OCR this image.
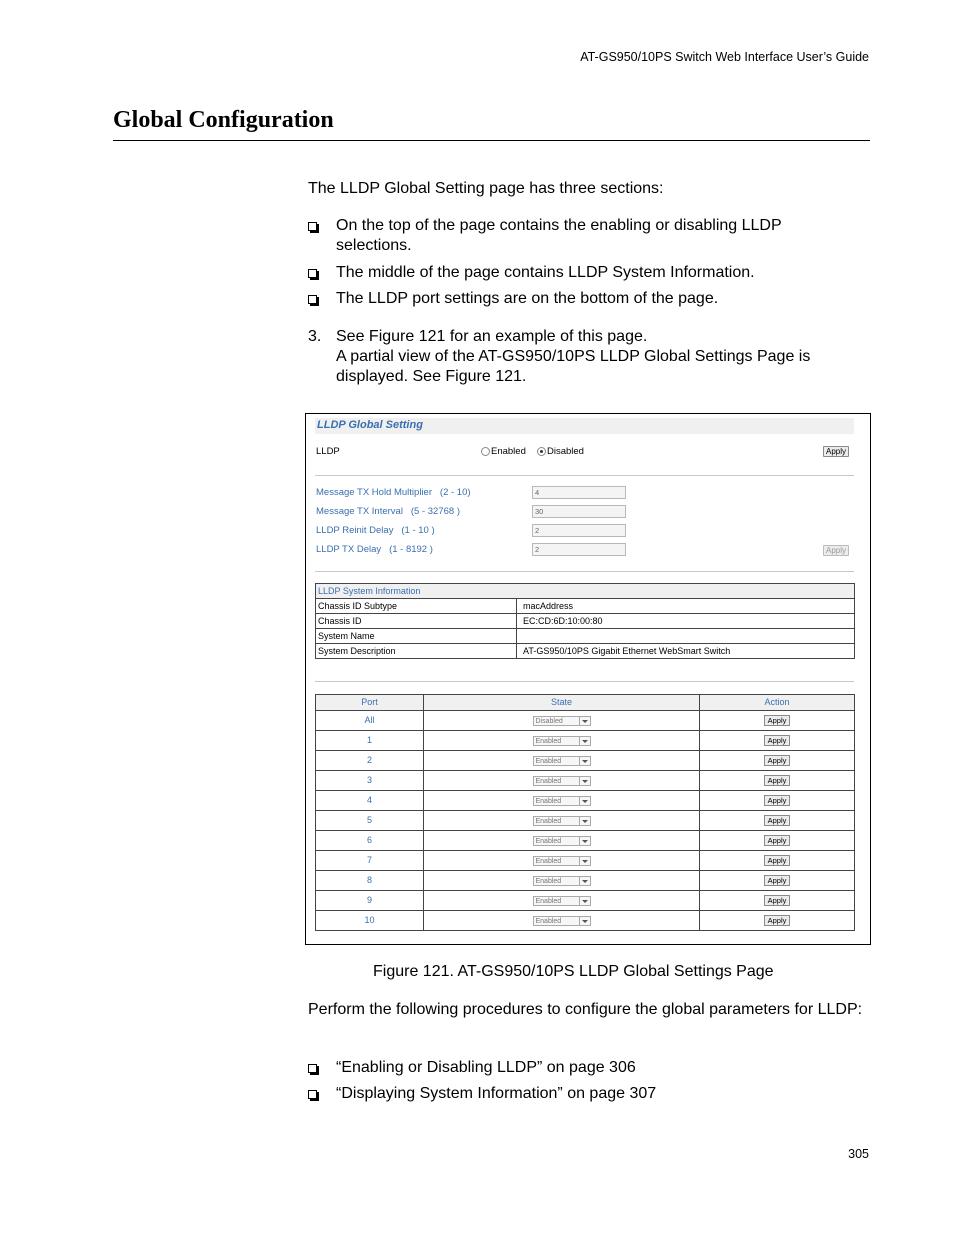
AT-GS950/10PS Switch Web Interface User’s Guide
Global Configuration
The LLDP Global Setting page has three sections:
On the top of the page contains the enabling or disabling LLDP selections.
The middle of the page contains LLDP System Information.
The LLDP port settings are on the bottom of the page.
3. See Figure 121 for an example of this page.
A partial view of the AT-GS950/10PS LLDP Global Settings Page is displayed. See Figure 121.
LLDP Global Setting
LLDP	Enabled Disabled	Apply
Message TX Hold Multiplier (2 - 10)	4
Message TX Interval (5 - 32768 )	30
LLDP Reinit Delay (1 - 10 )	2
LLDP TX Delay (1 - 8192 )	2	Apply
LLDP System Information	
Chassis ID Subtype	macAddress
Chassis ID	EC:CD:6D:10:00:80
System Name	
System Description	AT-GS950/10PS Gigabit Ethernet WebSmart Switch
Port	State	Action
All	Disabled	Apply
1	Enabled	Apply
2	Enabled	Apply
3	Enabled	Apply
4	Enabled	Apply
5	Enabled	Apply
6	Enabled	Apply
7	Enabled	Apply
8	Enabled	Apply
9	Enabled	Apply
10	Enabled	Apply
Figure 121. AT-GS950/10PS LLDP Global Settings Page
Perform the following procedures to configure the global parameters for LLDP:
“Enabling or Disabling LLDP” on page 306
“Displaying System Information” on page 307
305
